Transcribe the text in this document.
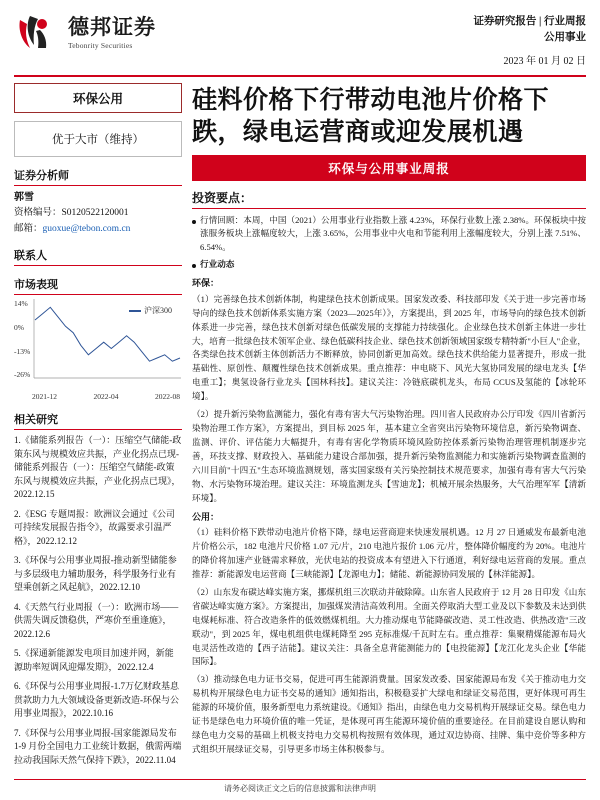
德邦证券
Tebonrity Securities
证券研究报告 | 行业周报
公用事业
2023 年 01 月 02 日
环保公用
优于大市（维持）
证券分析师
郭雪
资格编号：S0120522120001
邮箱：guoxue@tebon.com.cn
联系人
市场表现
沪深300
14%
0%
-13%
-26%
2021-12	2022-04	2022-08
相关研究
1.《储能系列报告（一）：压缩空气储能-政策东风与规模效应共振，产业化拐点已现-储能系列报告（一）：压缩空气储能-政策东风与规模效应共振，产业化拐点已现》，2022.12.15
2.《ESG 专题周报：欧洲议会通过《公司可持续发展报告指令》，故露要求引温严格》，2022.12.12
3.《环保与公用事业周报-推动新型储能参与多层级电力辅助服务，科学服务行业有望乘创新之风起航》，2022.12.10
4.《天然气行业周报（一）：欧洲市场——供需失调反馈稳供，严寒价至重逢施》，2022.12.6
5.《探通新能源发电项目加速并网，新能源助率短调风迎爆发期》，2022.12.4
6.《环保与公用事业周报-1.7万亿财政基息贯款助力九大领域设备更新改造-环保与公用事业周报》，2022.10.16
7.《环保与公用事业周报-国家能源局发布 1-9 月份全国电力工业统计数据，俄需两端拉动我国际天然气保持下跌》，2022.11.04
硅料价格下行带动电池片价格下跌，绿电运营商或迎发展机遇
环保与公用事业周报
投资要点：
行情回顾：本周，中国（2021）公用事业行业指数上涨 4.23%，环保行业数上涨 2.38%。环保板块中按涨服务板块上涨幅度较大，上涨 3.65%，公用事业中火电和节能利用上涨幅度较大，分别上涨 7.51%、6.54%。
行业动态
环保：
（1）完善绿色技术创新体制，构建绿色技术创新成果。国家发改委、科技部印发《关于进一步完善市场导向的绿色技术创新体系实施方案（2023—2025年）》，方案提出，到 2025 年，市场导向的绿色技术创新体系进一步完善，绿色技术创新对绿色低碳发展的支撑能力持续强化。企业绿色技术创新主体进一步壮大，培育一批绿色技术领军企业、绿色低碳科技企业、绿色技术创新领域国家级专精特新"小巨人"企业，各类绿色技术创新主体创新活力不断释放，协同创新更加高效。绿色技术供给能力显著提升，形成一批基础性、原创性、颠覆性绿色技术创新成果。重点推荐：申电晓下、风光大氢协同发展的绿电龙头【华电重工】；奥氢设备行业龙头【国林科技】。建议关注：冷链底碳机龙头，布局 CCUS及氢能的【冰轮环境】。
（2）提升新污染物监测能力，强化有毒有害大气污染物治理。四川省人民政府办公厅印发《四川省新污染物治理工作方案》，方案提出，到目标 2025 年，基本建立全省突出污染物环境信息，新污染物调查、监测、评价、评估能力大幅提升，有毒有害化学物质环境风险防控体系新污染物治理管理机制逐步完善，环技支撑、财政投入、基础能力建设合部加强，提升新污染物监测能力和实施新污染物调查监测的六川目前"十四五"生态环境监测规划，落实国家级有关污染控制技术规范要求，加强有毒有害大气污染物、水污染物环境治理。建议关注：环境监测龙头【雪迪龙】；机械开展余热服务，大气治理军军【清新环境】。
公用：
（1）硅料价格下跌带动电池片价格下降，绿电运营商迎来快速发展机遇。12 月 27 日通威发布最新电池片价格公示，182 电池片尺价格 1.07 元/片，210 电池片报价 1.06 元/片，整体降价幅度约为 20%。电池片的降价将加速产业链需求释放，光伏电站的投资成本有望进入下行通道，利好绿电运营商的发展。重点推荐：新能源发电运营商【三峡能源】【龙源电力】；储能、新能源协同发展的【林洋能源】。
（2）山东发布碳达峰实施方案，挪煤机组三次联动并破除障。山东省人民政府于 12 月 28 日印发《山东省碳达峰实施方案》。方案提出，加强煤炭清洁高效利用。全面关停取消大型工业及以下参数及未达到供电煤耗标准、符合改造条件的低效燃煤机组。大力推动煤电节能降碳改造、灵工性改造、供热改造"三改联动"，到 2025 年，煤电机组供电煤耗降至 295 克标准煤/千瓦时左右。重点推荐：集聚精煤能源布局火电灵活性改造的【西子洁能】。建议关注：具备全息背能测能力的【电投能源】【龙江化龙头企业【华能国际】。
（3）推动绿色电力证书交易，促进可再生能源消费量。国家发改委、国家能源局布发《关于推动电力交易机构开展绿色电力证书交易的通知》通知指出，积极稳妥扩大绿电和绿证交易范围，更好体现可再生能源的环境价值，服务新型电力系统建设。《通知》指出，由绿色电力交易机构开展绿证交易。绿色电力证书是绿色电力环境价值的唯一凭证，是体现可再生能源环境价值的重要途径。在目前建设自愿认购和绿色电力交易的基础上机极支持电力交易机构按照有效体现，通过双边协商、挂牌、集中竞价等多种方式组织开展绿证交易，引导更多市场主体积极参与。
请务必阅读正文之后的信息披露和法律声明
